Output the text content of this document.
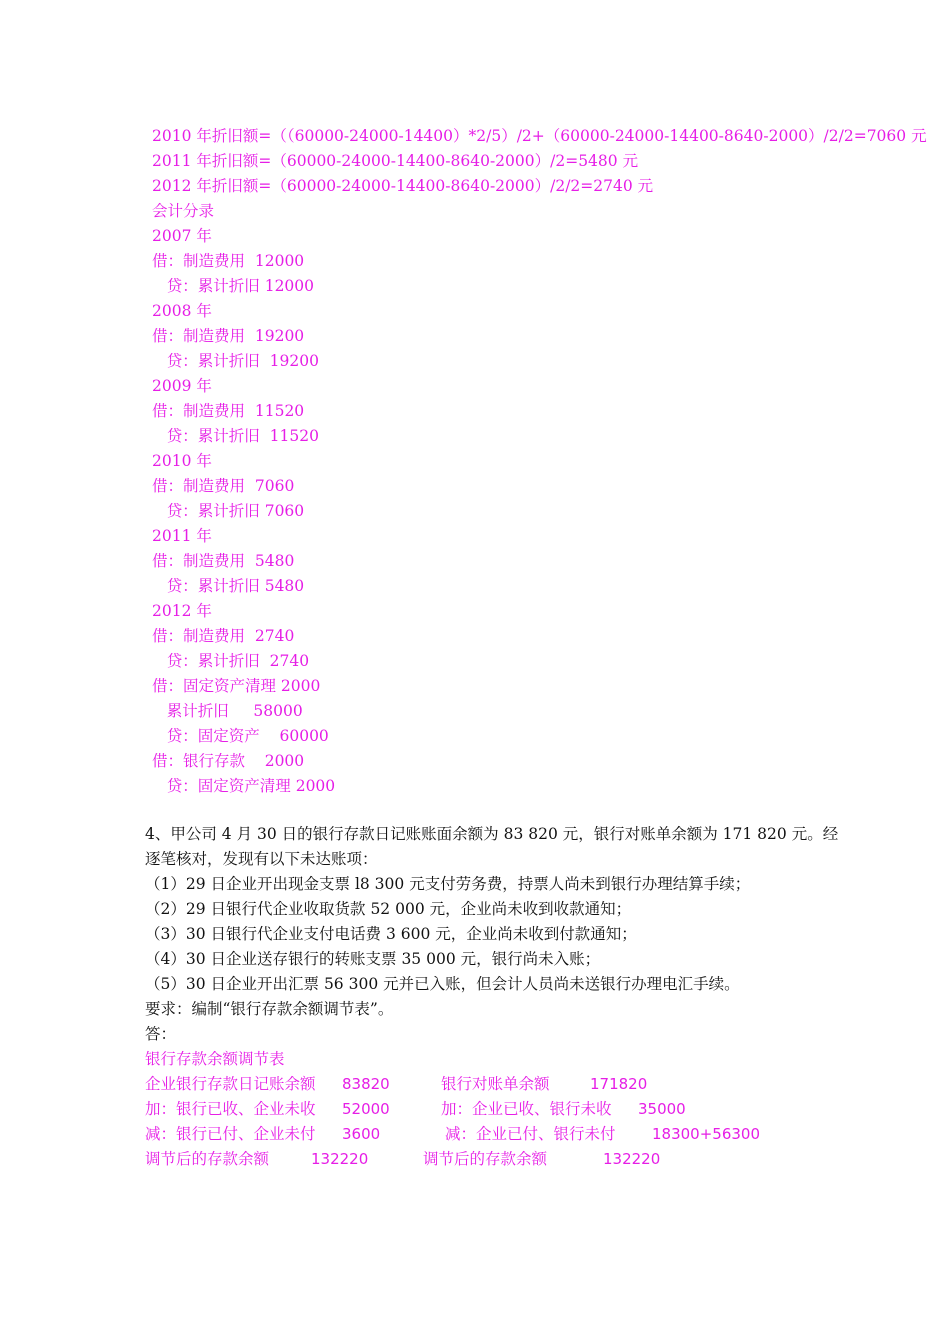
2010 年折旧额=（（60000-24000-14400）*2/5）/2+（60000-24000-14400-8640-2000）/2/2=7060 元
2011 年折旧额=（60000-24000-14400-8640-2000）/2=5480 元
2012 年折旧额=（60000-24000-14400-8640-2000）/2/2=2740 元
会计分录
2007 年
借：制造费用  12000
贷：累计折旧 12000
2008 年
借：制造费用  19200
贷：累计折旧  19200
2009 年
借：制造费用  11520
贷：累计折旧  11520
2010 年
借：制造费用  7060
贷：累计折旧 7060
2011 年
借：制造费用  5480
贷：累计折旧 5480
2012 年
借：制造费用  2740
贷：累计折旧  2740
借：固定资产清理 2000
累计折旧     58000
贷：固定资产    60000
借：银行存款    2000
贷：固定资产清理 2000
4、甲公司 4 月 30 日的银行存款日记账账面余额为 83 820 元，银行对账单余额为 171 820 元。经
逐笔核对，发现有以下未达账项：
（1）29 日企业开出现金支票 l8 300 元支付劳务费，持票人尚未到银行办理结算手续；
（2）29 日银行代企业收取货款 52 000 元，企业尚未收到收款通知；
（3）30 日银行代企业支付电话费 3 600 元，企业尚未收到付款通知；
（4）30 日企业送存银行的转账支票 35 000 元，银行尚未入账；
（5）30 日企业开出汇票 56 300 元并已入账，但会计人员尚未送银行办理电汇手续。
要求：编制“银行存款余额调节表”。
答：
银行存款余额调节表
企业银行存款日记账余额 83820	银行对账单余额	171820
加：银行已收、企业未收 52000	加：企业已收、银行未收 35000
减：银行已付、企业未付 3600	减：企业已付、银行未付 18300+56300
调节后的存款余额	132220	调节后的存款余额	132220
